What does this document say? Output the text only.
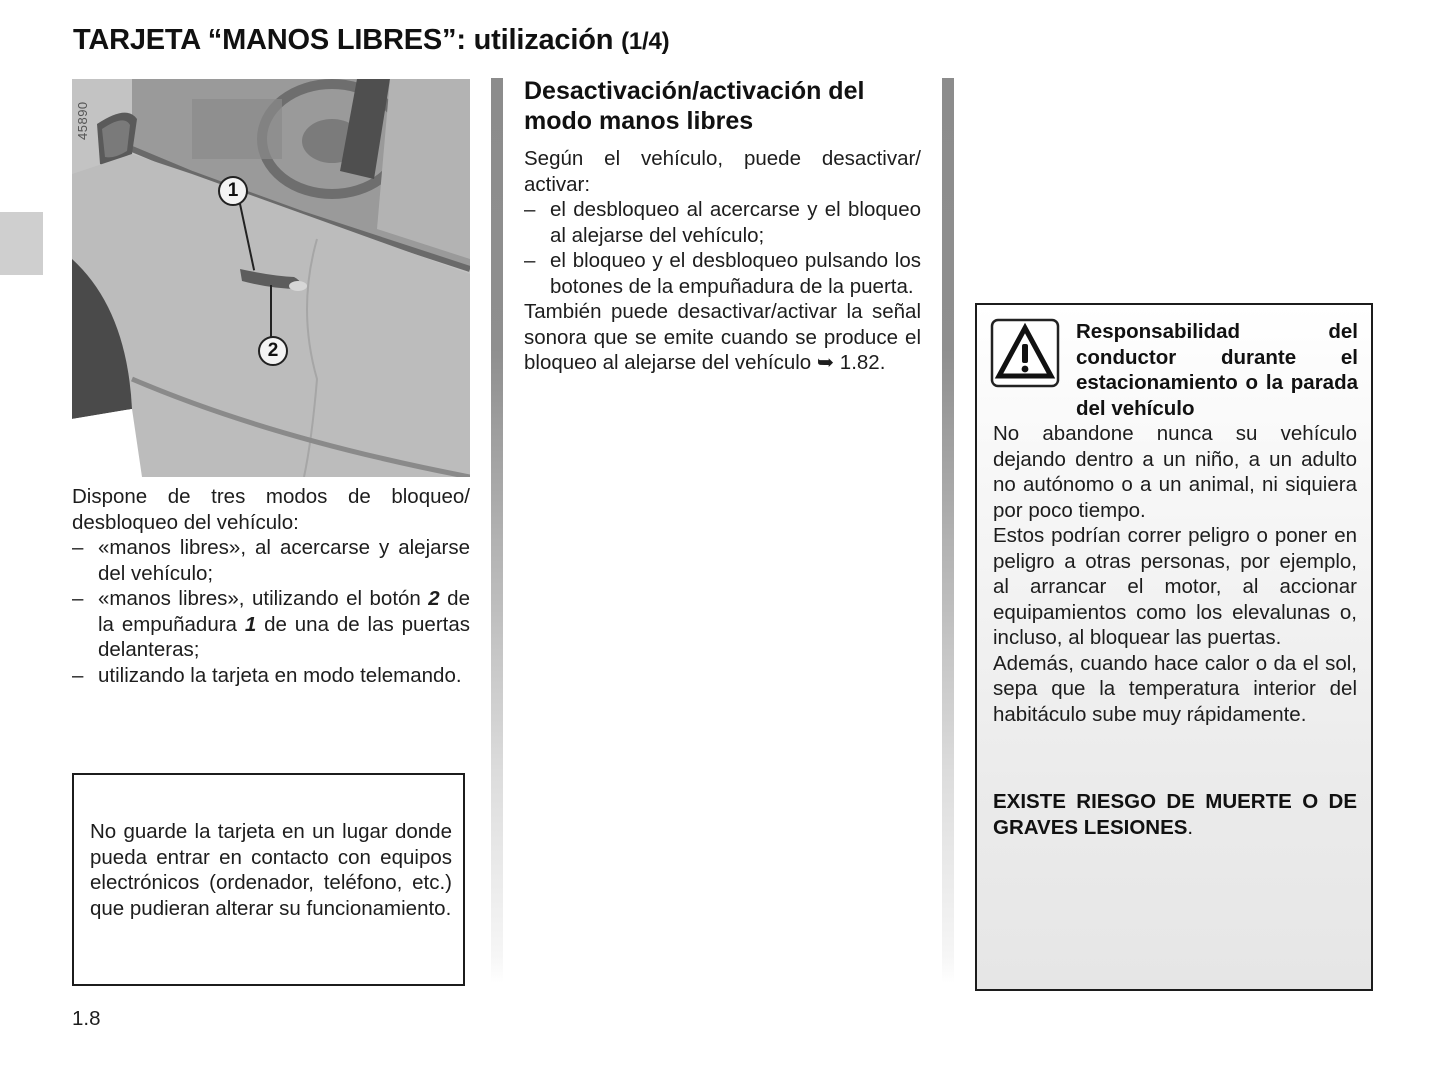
TARJETA “MANOS LIBRES”: utilización (1/4)
1
2
45890

Dispone de tres modos de bloqueo/ desbloqueo del vehículo:

– «manos libres», al acercarse y alejarse del vehículo;
– «manos libres», utilizando el botón 2 de la empuñadura 1 de una de las puertas delanteras;
– utilizando la tarjeta en modo telemando.
No guarde la tarjeta en un lugar donde pueda entrar en contacto con equipos electrónicos (ordenador, teléfono, etc.) que pudieran alterar su funcionamiento.
Desactivación/activación del modo manos libres

Según el vehículo, puede desactivar/ activar:

– el desbloqueo al acercarse y el bloqueo al alejarse del vehículo;
– el bloqueo y el desbloqueo pulsando los botones de la empuñadura de la puerta.

También puede desactivar/activar la señal sonora que se emite cuando se produce el bloqueo al alejarse del vehículo ➥ 1.82.

Responsabilidad del conductor durante el estacionamiento o la parada del vehículo

No abandone nunca su vehículo dejando dentro a un niño, a un adulto no autónomo o a un animal, ni siquiera por poco tiempo.

Estos podrían correr peligro o poner en peligro a otras personas, por ejemplo, al arrancar el motor, al accionar equipamientos como los elevalunas o, incluso, al bloquear las puertas.

Además, cuando hace calor o da el sol, sepa que la temperatura interior del habitáculo sube muy rápidamente.

EXISTE RIESGO DE MUERTE O DE GRAVES LESIONES.
1.8
